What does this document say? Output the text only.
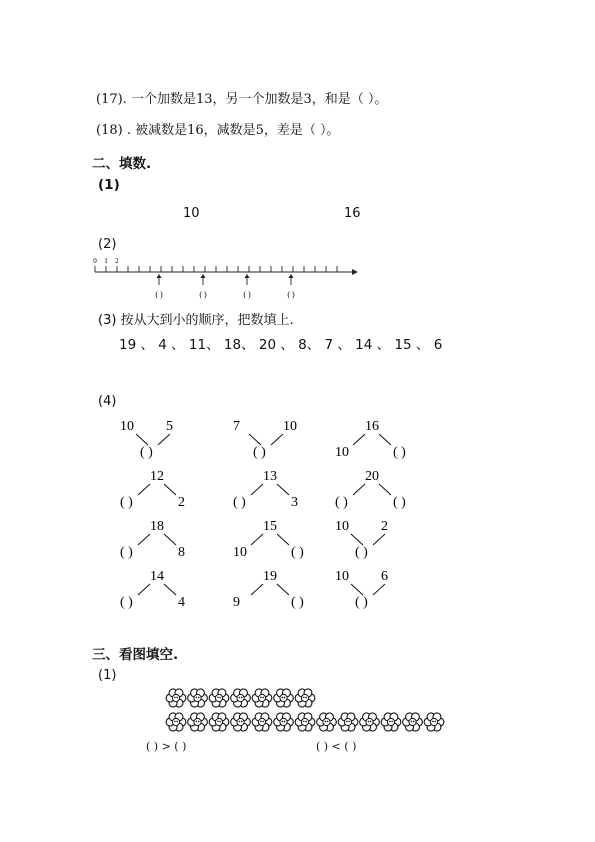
(17). 一个加数是13，另一个加数是3，和是（ ）。
(18) . 被减数是16，减数是5，差是（ ）。
二、填数.
(1)
10	16
(2)
0 1 2
( )	( )	( )	( )
(3) 按从大到小的顺序，把数填上.
19 、 4 、 11、 18、 20 、 8、 7 、 14 、 15 、 6
(4)
10 5
( )
7	10
( )
16
10	( )
12
( )	2
13
( )	3
20
( )	( )
18
( )	8
15
10	( )
10 2
( )
14
( )	4
19
9	( )
10 6
( )
三、看图填空.
(1)
( ) > ( )	( ) < ( )
